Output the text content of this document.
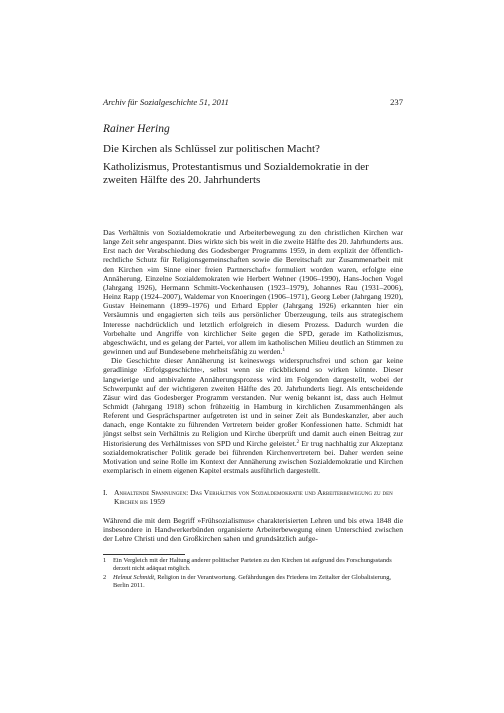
Archiv für Sozialgeschichte 51, 2011	237
Rainer Hering
Die Kirchen als Schlüssel zur politischen Macht?
Katholizismus, Protestantismus und Sozialdemokratie in der zweiten Hälfte des 20. Jahrhunderts

Das Verhältnis von Sozialdemokratie und Arbeiterbewegung zu den christlichen Kirchen war lange Zeit sehr angespannt. Dies wirkte sich bis weit in die zweite Hälfte des 20. Jahrhunderts aus. Erst nach der Verabschiedung des Godesberger Programms 1959, in dem explizit der öffentlich-rechtliche Schutz für Religionsgemeinschaften sowie die Bereitschaft zur Zusammenarbeit mit den Kirchen »im Sinne einer freien Partnerschaft« formuliert worden waren, erfolgte eine Annäherung. Einzelne Sozialdemokraten wie Herbert Wehner (1906–1990), Hans-Jochen Vogel (Jahrgang 1926), Hermann Schmitt-Vockenhausen (1923–1979), Johannes Rau (1931–2006), Heinz Rapp (1924–2007), Waldemar von Knoeringen (1906–1971), Georg Leber (Jahrgang 1920), Gustav Heinemann (1899–1976) und Erhard Eppler (Jahrgang 1926) erkannten hier ein Versäumnis und engagierten sich teils aus persönlicher Überzeugung, teils aus strategischem Interesse nachdrücklich und letztlich erfolgreich in diesem Prozess. Dadurch wurden die Vorbehalte und Angriffe von kirchlicher Seite gegen die SPD, gerade im Katholizismus, abgeschwächt, und es gelang der Partei, vor allem im katholischen Milieu deutlich an Stimmen zu gewinnen und auf Bundesebene mehrheitsfähig zu werden.$^1$

Die Geschichte dieser Annäherung ist keineswegs widerspruchsfrei und schon gar keine geradlinige ›Erfolgsgeschichte‹, selbst wenn sie rückblickend so wirken könnte. Dieser langwierige und ambivalente Annäherungsprozess wird im Folgenden dargestellt, wobei der Schwerpunkt auf der wichtigeren zweiten Hälfte des 20. Jahrhunderts liegt. Als entscheidende Zäsur wird das Godesberger Programm verstanden. Nur wenig bekannt ist, dass auch Helmut Schmidt (Jahrgang 1918) schon frühzeitig in Hamburg in kirchlichen Zusammenhängen als Referent und Gesprächspartner aufgetreten ist und in seiner Zeit als Bundeskanzler, aber auch danach, enge Kontakte zu führenden Vertretern beider großer Konfessionen hatte. Schmidt hat jüngst selbst sein Verhältnis zu Religion und Kirche überprüft und damit auch einen Beitrag zur Historisierung des Verhältnisses von SPD und Kirche geleistet.$^2$ Er trug nachhaltig zur Akzeptanz sozialdemokratischer Politik gerade bei führenden Kirchenvertretern bei. Daher werden seine Motivation und seine Rolle im Kontext der Annäherung zwischen Sozialdemokratie und Kirchen exemplarisch in einem eigenen Kapitel erstmals ausführlich dargestellt.

I. Anhaltende Spannungen: Das Verhältnis von Sozialdemokratie und Arbeiterbewegung zu den Kirchen bis 1959

Während die mit dem Begriff »Frühsozialismus« charakterisierten Lehren und bis etwa 1848 die insbesondere in Handwerkerbünden organisierte Arbeiterbewegung einen Unterschied zwischen der Lehre Christi und den Großkirchen sahen und grundsätzlich aufge-

1	Ein Vergleich mit der Haltung anderer politischer Parteien zu den Kirchen ist aufgrund des Forschungsstands derzeit nicht adäquat möglich.
2	Helmut Schmidt, Religion in der Verantwortung. Gefährdungen des Friedens im Zeitalter der Globalisierung, Berlin 2011.
